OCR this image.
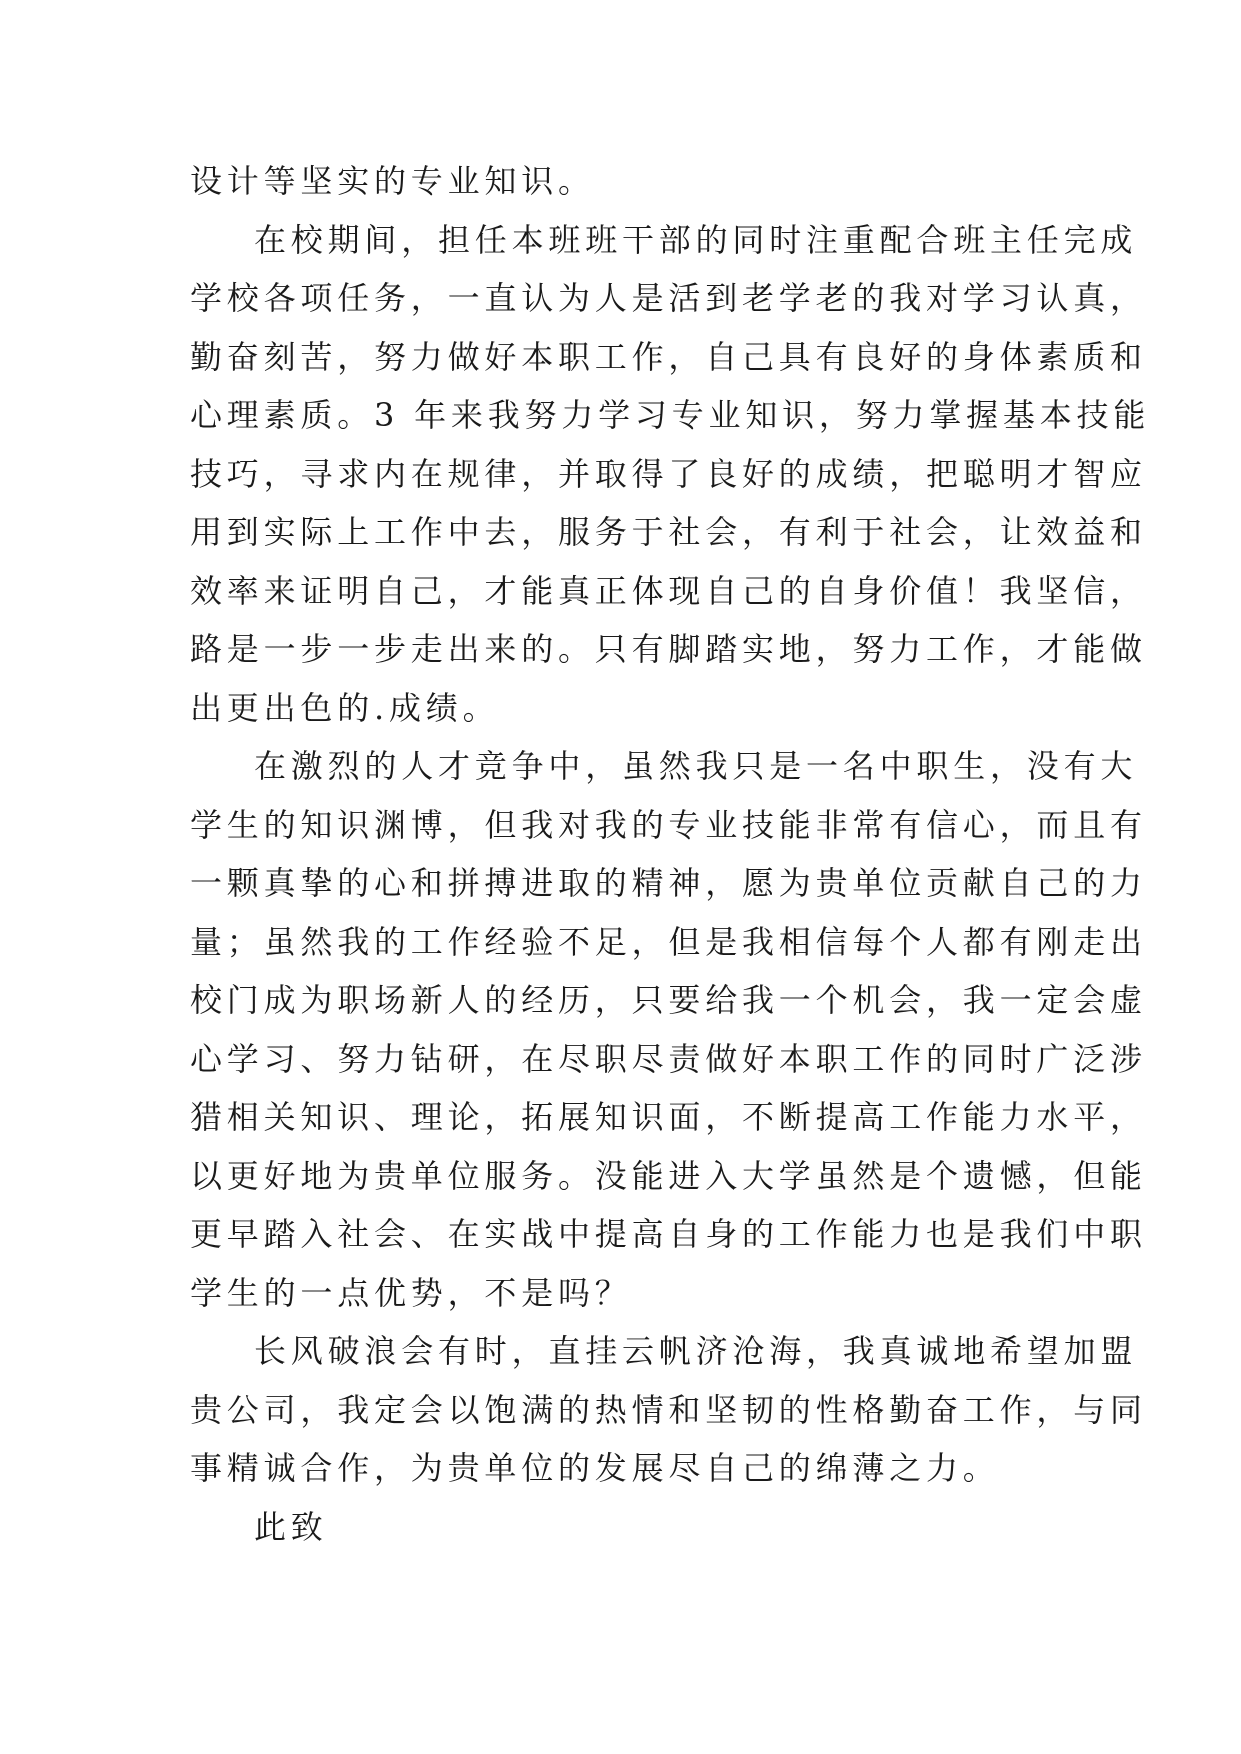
设计等坚实的专业知识。
在校期间，担任本班班干部的同时注重配合班主任完成
学校各项任务，一直认为人是活到老学老的我对学习认真，
勤奋刻苦，努力做好本职工作，自己具有良好的身体素质和
心理素质。3 年来我努力学习专业知识，努力掌握基本技能
技巧，寻求内在规律，并取得了良好的成绩，把聪明才智应
用到实际上工作中去，服务于社会，有利于社会，让效益和
效率来证明自己，才能真正体现自己的自身价值！我坚信，
路是一步一步走出来的。只有脚踏实地，努力工作，才能做
出更出色的.成绩。
在激烈的人才竞争中，虽然我只是一名中职生，没有大
学生的知识渊博，但我对我的专业技能非常有信心，而且有
一颗真挚的心和拼搏进取的精神，愿为贵单位贡献自己的力
量；虽然我的工作经验不足，但是我相信每个人都有刚走出
校门成为职场新人的经历，只要给我一个机会，我一定会虚
心学习、努力钻研，在尽职尽责做好本职工作的同时广泛涉
猎相关知识、理论，拓展知识面，不断提高工作能力水平，
以更好地为贵单位服务。没能进入大学虽然是个遗憾，但能
更早踏入社会、在实战中提高自身的工作能力也是我们中职
学生的一点优势，不是吗？
长风破浪会有时，直挂云帆济沧海，我真诚地希望加盟
贵公司，我定会以饱满的热情和坚韧的性格勤奋工作，与同
事精诚合作，为贵单位的发展尽自己的绵薄之力。
此致
